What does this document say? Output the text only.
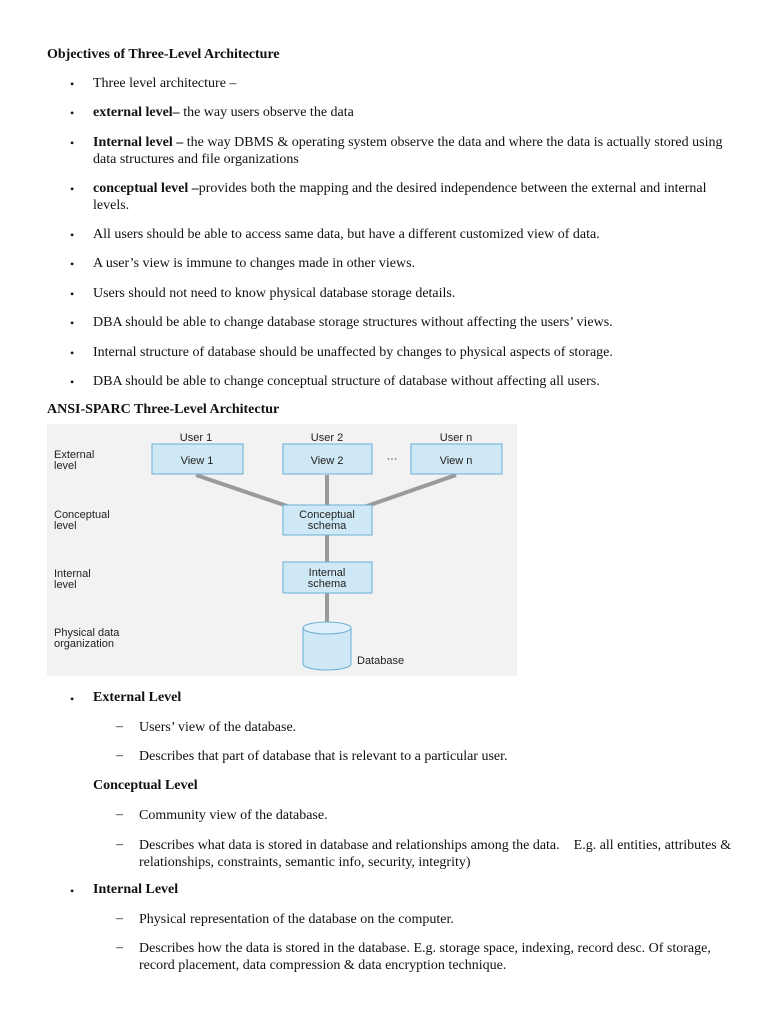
Objectives of Three-Level Architecture
• Three level architecture –
• external level– the way users observe the data
• Internal level – the way DBMS & operating system observe the data and where the data is actually stored using data structures and file organizations
• conceptual level –provides both the mapping and the desired independence between the external and internal levels.
• All users should be able to access same data, but have a different customized view of data.
• A user’s view is immune to changes made in other views.
• Users should not need to know physical database storage details.
• DBA should be able to change database storage structures without affecting the users’ views.
• Internal structure of database should be unaffected by changes to physical aspects of storage.
• DBA should be able to change conceptual structure of database without affecting all users.
ANSI-SPARC Three-Level Architectur
External
level
Conceptual
level
Internal
level
Physical data
organization
User 1	User 2	User n
View 1	View 2	View n
···
Conceptual
schema
Internal
schema
Database
• External Level
– Users’ view of the database.
– Describes that part of database that is relevant to a particular user.
Conceptual Level
– Community view of the database.
– Describes what data is stored in database and relationships among the data.    E.g. all entities, attributes & relationships, constraints, semantic info, security, integrity)
• Internal Level
– Physical representation of the database on the computer.
– Describes how the data is stored in the database. E.g. storage space, indexing, record desc. Of storage, record placement, data compression & data encryption technique.
